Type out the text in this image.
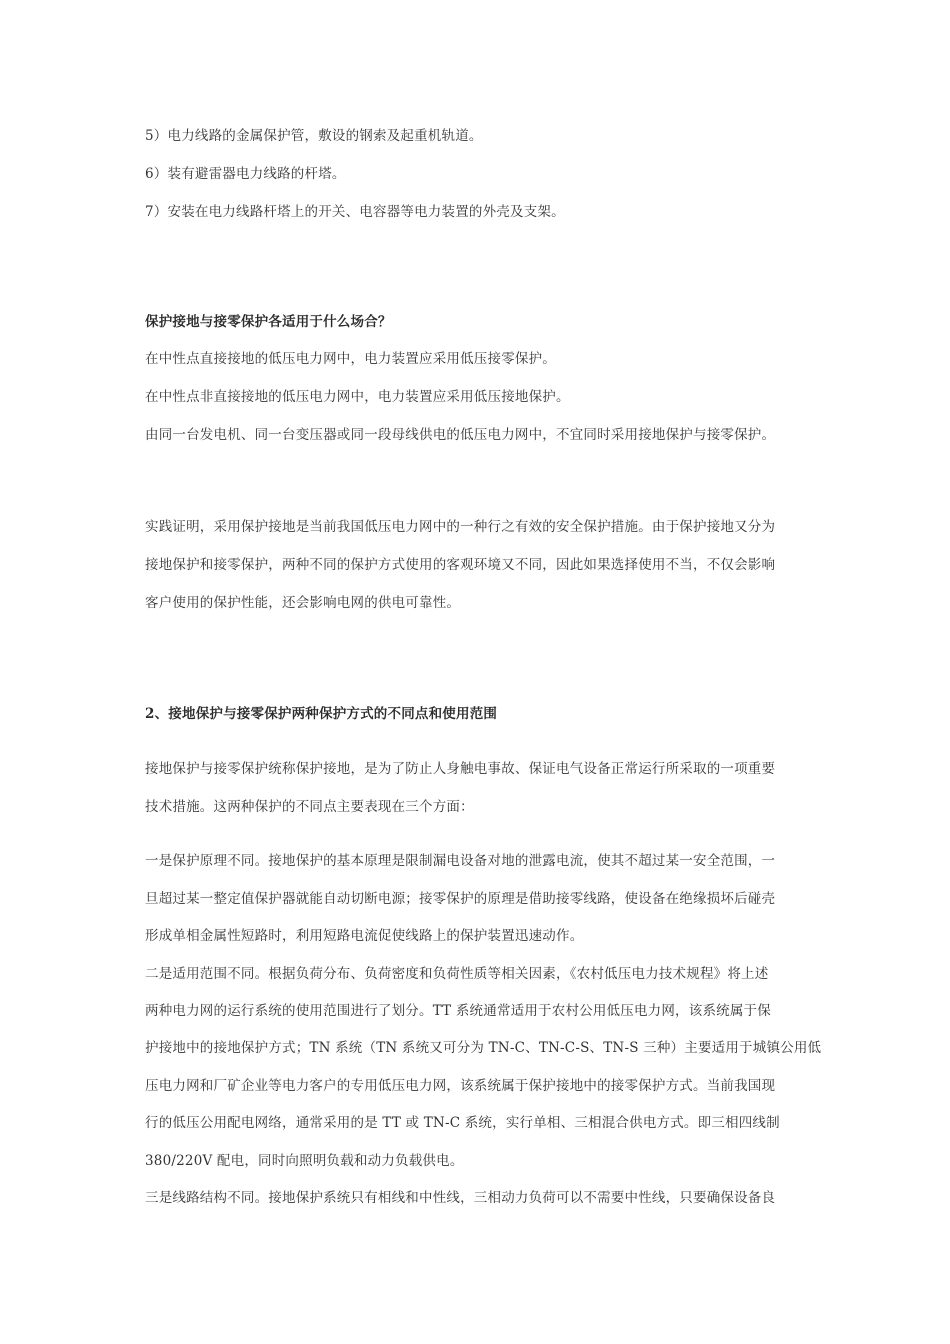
5）电力线路的金属保护管，敷设的钢索及起重机轨道。
6）装有避雷器电力线路的杆塔。
7）安装在电力线路杆塔上的开关、电容器等电力装置的外壳及支架。
保护接地与接零保护各适用于什么场合？
在中性点直接接地的低压电力网中，电力装置应采用低压接零保护。
在中性点非直接接地的低压电力网中，电力装置应采用低压接地保护。
由同一台发电机、同一台变压器或同一段母线供电的低压电力网中，不宜同时采用接地保护与接零保护。
实践证明，采用保护接地是当前我国低压电力网中的一种行之有效的安全保护措施。由于保护接地又分为
接地保护和接零保护，两种不同的保护方式使用的客观环境又不同，因此如果选择使用不当，不仅会影响
客户使用的保护性能，还会影响电网的供电可靠性。
2、接地保护与接零保护两种保护方式的不同点和使用范围
接地保护与接零保护统称保护接地，是为了防止人身触电事故、保证电气设备正常运行所采取的一项重要
技术措施。这两种保护的不同点主要表现在三个方面：
一是保护原理不同。接地保护的基本原理是限制漏电设备对地的泄露电流，使其不超过某一安全范围，一
旦超过某一整定值保护器就能自动切断电源；接零保护的原理是借助接零线路，使设备在绝缘损坏后碰壳
形成单相金属性短路时，利用短路电流促使线路上的保护装置迅速动作。
二是适用范围不同。根据负荷分布、负荷密度和负荷性质等相关因素，《农村低压电力技术规程》将上述
两种电力网的运行系统的使用范围进行了划分。TT 系统通常适用于农村公用低压电力网，该系统属于保
护接地中的接地保护方式；TN 系统（TN 系统又可分为 TN-C、TN-C-S、TN-S 三种）主要适用于城镇公用低
压电力网和厂矿企业等电力客户的专用低压电力网，该系统属于保护接地中的接零保护方式。当前我国现
行的低压公用配电网络，通常采用的是 TT 或 TN-C 系统，实行单相、三相混合供电方式。即三相四线制
380/220V 配电，同时向照明负载和动力负载供电。
三是线路结构不同。接地保护系统只有相线和中性线，三相动力负荷可以不需要中性线，只要确保设备良
